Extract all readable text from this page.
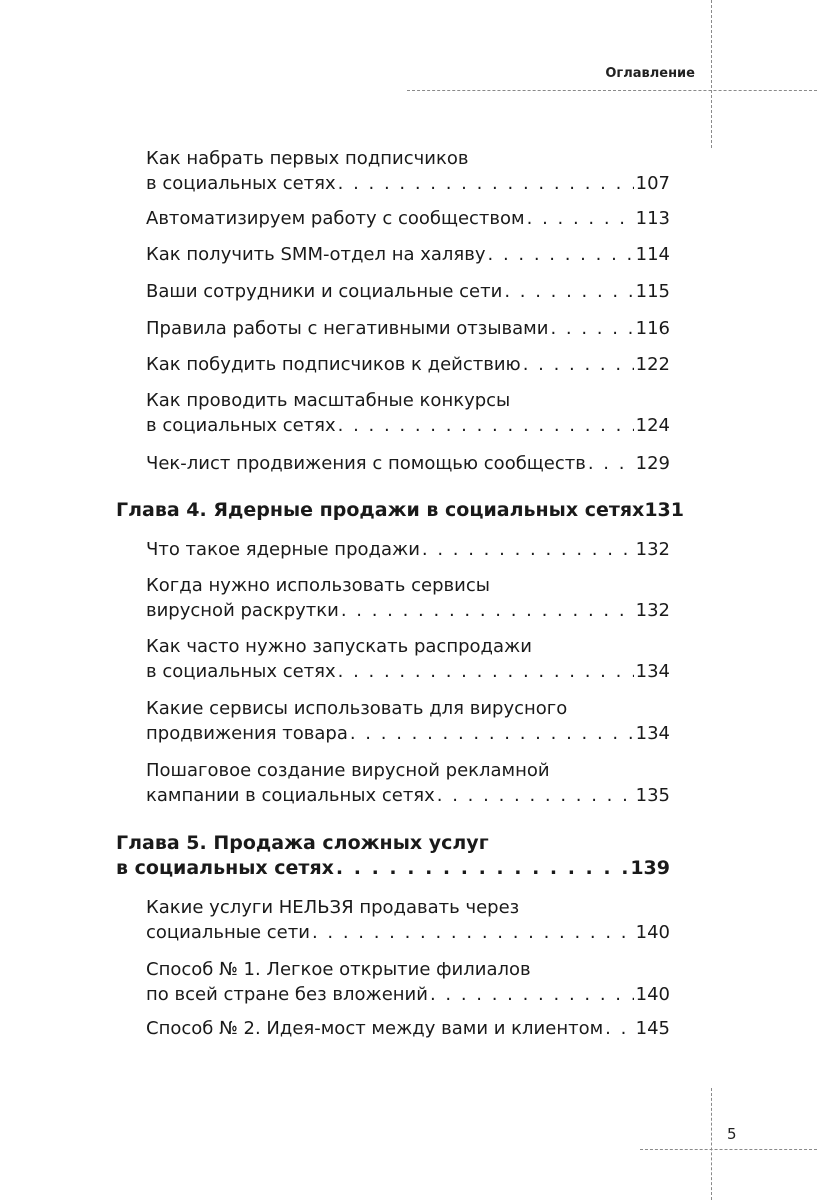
Оглавление
Как набрать первых подписчиков
в социальных сетях . . .	107
Автоматизируем работу с сообществом . . .	113
Как получить SMM-отдел на халяву . . .	114
Ваши сотрудники и социальные сети . . .	115
Правила работы с негативными отзывами . . .	116
Как побудить подписчиков к действию . . .	122
Как проводить масштабные конкурсы
в социальных сетях . . .	124
Чек-лист продвижения с помощью сообществ . . .	129
Глава 4. Ядерные продажи в социальных сетях 131
Что такое ядерные продажи . . .	132
Когда нужно использовать сервисы
вирусной раскрутки . . .	132
Как часто нужно запускать распродажи
в социальных сетях . . .	134
Какие сервисы использовать для вирусного
продвижения товара . . .	134
Пошаговое создание вирусной рекламной
кампании в социальных сетях . . .	135
Глава 5. Продажа сложных услуг
в социальных сетях . . .	139
Какие услуги НЕЛЬЗЯ продавать через
социальные сети . . .	140
Способ № 1. Легкое открытие филиалов
по всей стране без вложений . . .	140
Способ № 2. Идея-мост между вами и клиентом . . . 145
5
